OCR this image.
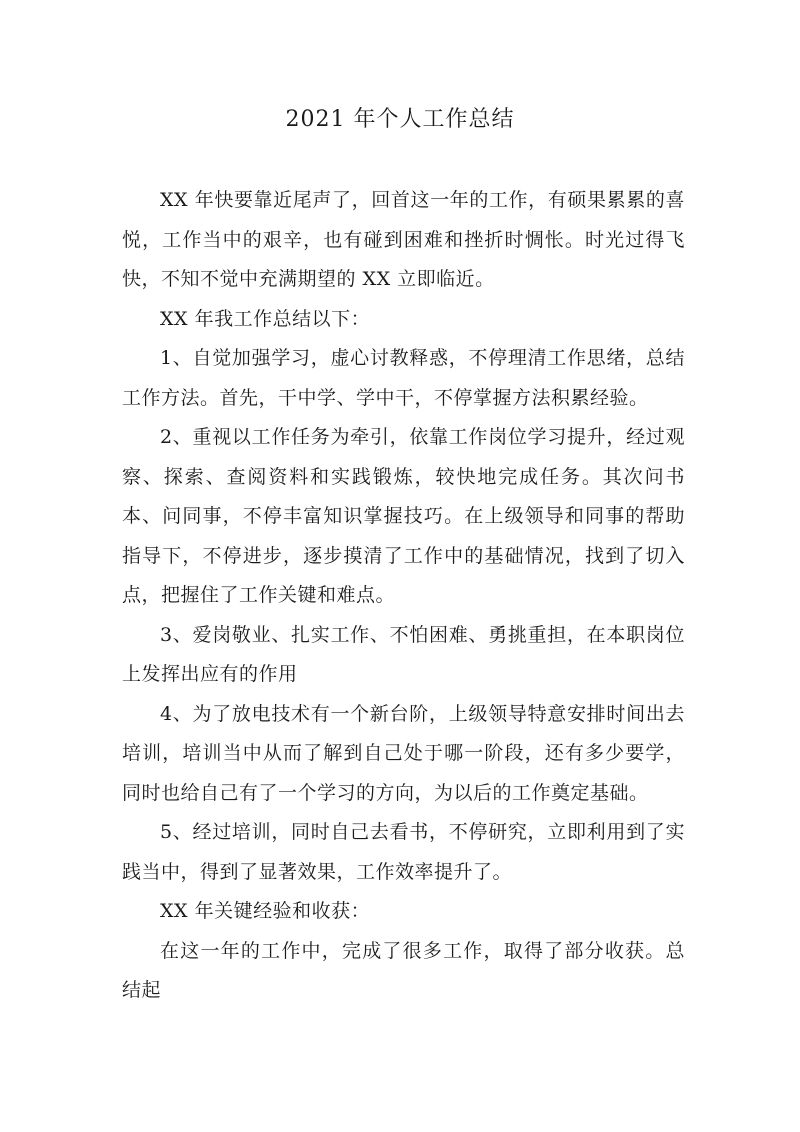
2021 年个人工作总结

XX 年快要靠近尾声了，回首这一年的工作，有硕果累累的喜悦，工作当中的艰辛，也有碰到困难和挫折时惆怅。时光过得飞快，不知不觉中充满期望的 XX 立即临近。

XX 年我工作总结以下：

1、自觉加强学习，虚心讨教释惑，不停理清工作思绪，总结工作方法。首先，干中学、学中干，不停掌握方法积累经验。

2、重视以工作任务为牵引，依靠工作岗位学习提升，经过观察、探索、查阅资料和实践锻炼，较快地完成任务。其次问书本、问同事，不停丰富知识掌握技巧。在上级领导和同事的帮助指导下，不停进步，逐步摸清了工作中的基础情况，找到了切入点，把握住了工作关键和难点。

3、爱岗敬业、扎实工作、不怕困难、勇挑重担，在本职岗位上发挥出应有的作用

4、为了放电技术有一个新台阶，上级领导特意安排时间出去培训，培训当中从而了解到自己处于哪一阶段，还有多少要学，同时也给自己有了一个学习的方向，为以后的工作奠定基础。

5、经过培训，同时自己去看书，不停研究，立即利用到了实践当中，得到了显著效果，工作效率提升了。

XX 年关键经验和收获：

在这一年的工作中，完成了很多工作，取得了部分收获。总结起
